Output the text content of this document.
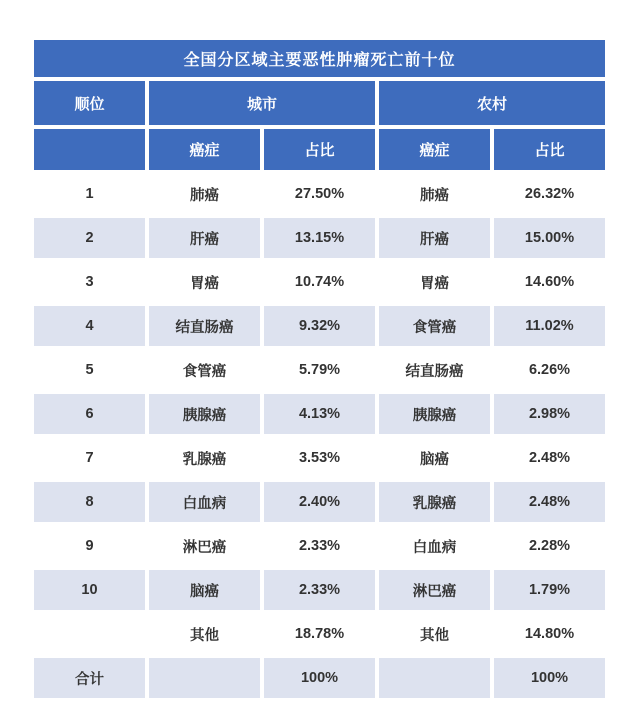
全国分区域主要恶性肿瘤死亡前十位				
顺位	城市		农村	
	癌症	占比	癌症	占比
1	肺癌	27.50%	肺癌	26.32%
2	肝癌	13.15%	肝癌	15.00%
3	胃癌	10.74%	胃癌	14.60%
4	结直肠癌	9.32%	食管癌	11.02%
5	食管癌	5.79%	结直肠癌	6.26%
6	胰腺癌	4.13%	胰腺癌	2.98%
7	乳腺癌	3.53%	脑癌	2.48%
8	白血病	2.40%	乳腺癌	2.48%
9	淋巴癌	2.33%	白血病	2.28%
10	脑癌	2.33%	淋巴癌	1.79%
	其他	18.78%	其他	14.80%
合计		100%		100%
